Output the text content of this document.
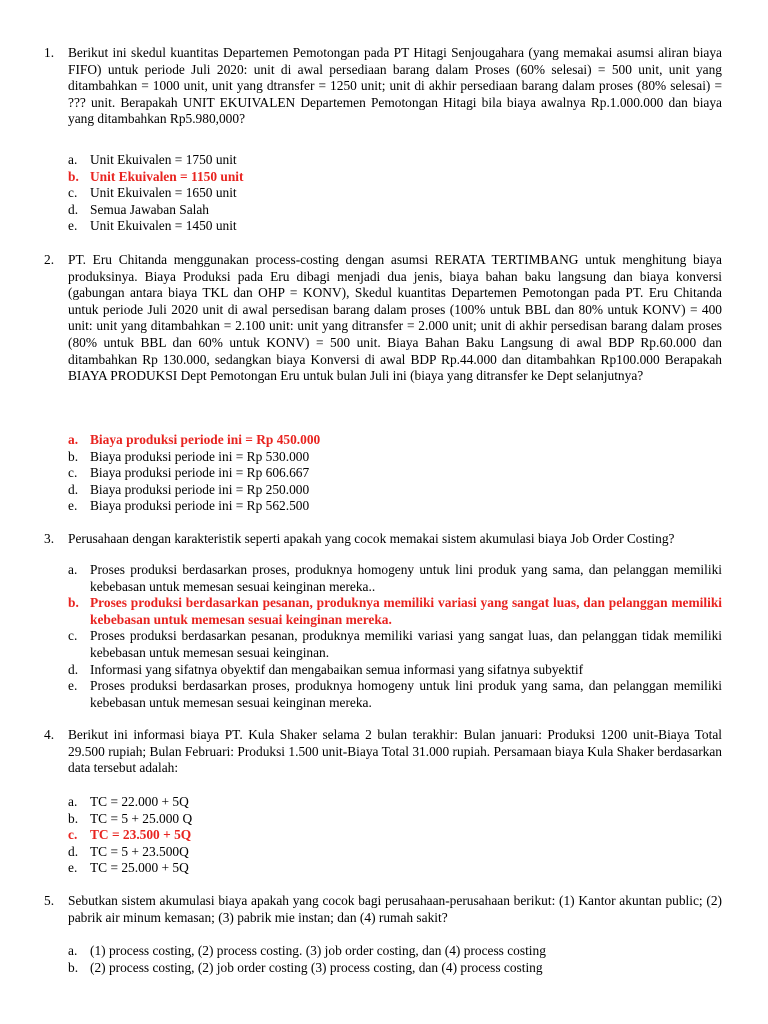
1. Berikut ini skedul kuantitas Departemen Pemotongan pada PT Hitagi Senjougahara (yang memakai asumsi aliran biaya FIFO) untuk periode Juli 2020: unit di awal persediaan barang dalam Proses (60% selesai) = 500 unit, unit yang ditambahkan = 1000 unit, unit yang dtransfer = 1250 unit; unit di akhir persediaan barang dalam proses (80% selesai) = ??? unit. Berapakah UNIT EKUIVALEN Departemen Pemotongan Hitagi bila biaya awalnya Rp.1.000.000 dan biaya yang ditambahkan Rp5.980,000?

a. Unit Ekuivalen = 1750 unit
b. Unit Ekuivalen = 1150 unit
c. Unit Ekuivalen = 1650 unit
d. Semua Jawaban Salah
e. Unit Ekuivalen = 1450 unit
2. PT. Eru Chitanda menggunakan process-costing dengan asumsi RERATA TERTIMBANG untuk menghitung biaya produksinya. Biaya Produksi pada Eru dibagi menjadi dua jenis, biaya bahan baku langsung dan biaya konversi (gabungan antara biaya TKL dan OHP = KONV), Skedul kuantitas Departemen Pemotongan pada PT. Eru Chitanda untuk periode Juli 2020 unit di awal persedisan barang dalam proses (100% untuk BBL dan 80% untuk KONV) = 400 unit: unit yang ditambahkan = 2.100 unit: unit yang ditransfer = 2.000 unit; unit di akhir persedisan barang dalam proses (80% untuk BBL dan 60% untuk KONV) = 500 unit. Biaya Bahan Baku Langsung di awal BDP Rp.60.000 dan ditambahkan Rp 130.000, sedangkan biaya Konversi di awal BDP Rp.44.000 dan ditambahkan Rp100.000 Berapakah BIAYA PRODUKSI Dept Pemotongan Eru untuk bulan Juli ini (biaya yang ditransfer ke Dept selanjutnya?

a. Biaya produksi periode ini = Rp 450.000
b. Biaya produksi periode ini = Rp 530.000
c. Biaya produksi periode ini = Rp 606.667
d. Biaya produksi periode ini = Rp 250.000
e. Biaya produksi periode ini = Rp 562.500
3. Perusahaan dengan karakteristik seperti apakah yang cocok memakai sistem akumulasi biaya Job Order Costing?

a. Proses produksi berdasarkan proses, produknya homogeny untuk lini produk yang sama, dan pelanggan memiliki kebebasan untuk memesan sesuai keinginan mereka..
b. Proses produksi berdasarkan pesanan, produknya memiliki variasi yang sangat luas, dan pelanggan memiliki kebebasan untuk memesan sesuai keinginan mereka.
c. Proses produksi berdasarkan pesanan, produknya memiliki variasi yang sangat luas, dan pelanggan tidak memiliki kebebasan untuk memesan sesuai keinginan.
d. Informasi yang sifatnya obyektif dan mengabaikan semua informasi yang sifatnya subyektif
e. Proses produksi berdasarkan proses, produknya homogeny untuk lini produk yang sama, dan pelanggan memiliki kebebasan untuk memesan sesuai keinginan mereka.
4. Berikut ini informasi biaya PT. Kula Shaker selama 2 bulan terakhir: Bulan januari: Produksi 1200 unit-Biaya Total 29.500 rupiah; Bulan Februari: Produksi 1.500 unit-Biaya Total 31.000 rupiah. Persamaan biaya Kula Shaker berdasarkan data tersebut adalah:

a. TC = 22.000 + 5Q
b. TC = 5 + 25.000 Q
c. TC = 23.500 + 5Q
d. TC = 5 + 23.500Q
e. TC = 25.000 + 5Q
5. Sebutkan sistem akumulasi biaya apakah yang cocok bagi perusahaan-perusahaan berikut: (1) Kantor akuntan public; (2) pabrik air minum kemasan; (3) pabrik mie instan; dan (4) rumah sakit?

a. (1) process costing, (2) process costing. (3) job order costing, dan (4) process costing
b. (2) process costing, (2) job order costing (3) process costing, dan (4) process costing
